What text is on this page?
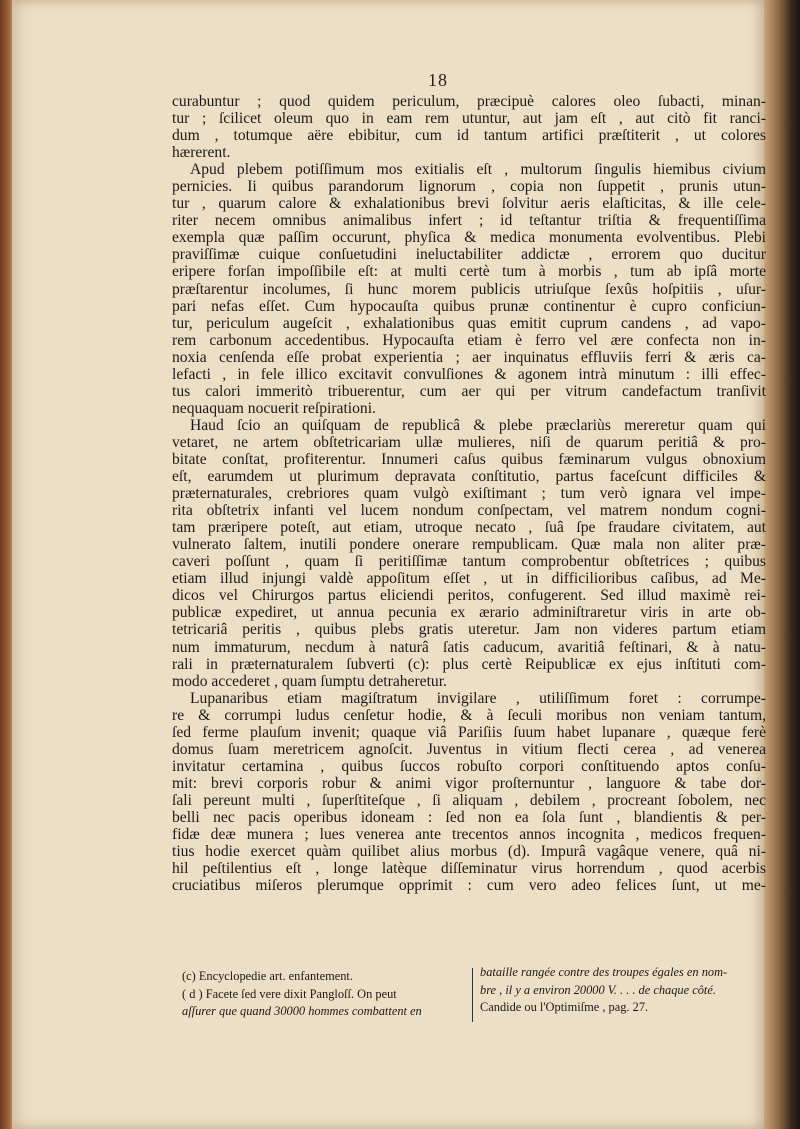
18
curabuntur ; quod quidem periculum, præcipuè calores oleo ſubacti, minan-
tur ; ſcilicet oleum quo in eam rem utuntur, aut jam eſt , aut citò fit ranci-
dum , totumque aëre ebibitur, cum id tantum artifici præſtiterit , ut colores
hærerent.
Apud plebem potiſſimum mos exitialis eſt , multorum ſingulis hiemibus civium
pernicies. Ii quibus parandorum lignorum , copia non ſuppetit , prunis utun-
tur , quarum calore & exhalationibus brevi ſolvitur aeris elaſticitas, & ille cele-
riter necem omnibus animalibus infert ; id teſtantur triſtia & frequentiſſima
exempla quæ paſſim occurunt, phyſica & medica monumenta evolventibus. Plebi
praviſſimæ cuique conſuetudini ineluctabiliter addictæ , errorem quo ducitur
eripere forſan impoſſibile eſt: at multi certè tum à morbis , tum ab ipſâ morte
præſtarentur incolumes, ſi hunc morem publicis utriuſque ſexûs hoſpitiis , uſur-
pari nefas eſſet. Cum hypocauſta quibus prunæ continentur è cupro conficiun-
tur, periculum augeſcit , exhalationibus quas emitit cuprum candens , ad vapo-
rem carbonum accedentibus. Hypocauſta etiam è ferro vel ære confecta non in-
noxia cenſenda eſſe probat experientia ; aer inquinatus effluviis ferri & æris ca-
lefacti , in fele illico excitavit convulſiones & agonem intrà minutum : illi effec-
tus calori immeritò tribuerentur, cum aer qui per vitrum candefactum tranſivit
nequaquam nocuerit reſpirationi.
Haud ſcio an quiſquam de republicâ & plebe præclariùs mereretur quam qui
vetaret, ne artem obſtetricariam ullæ mulieres, niſi de quarum peritiâ & pro-
bitate conſtat, profiterentur. Innumeri caſus quibus fæminarum vulgus obnoxium
eſt, earumdem ut plurimum depravata conſtitutio, partus faceſcunt difficiles &
præternaturales, crebriores quam vulgò exiſtimant ; tum verò ignara vel impe-
rita obſtetrix infanti vel lucem nondum conſpectam, vel matrem nondum cogni-
tam præripere poteſt, aut etiam, utroque necato , ſuâ ſpe fraudare civitatem, aut
vulnerato ſaltem, inutili pondere onerare rempublicam. Quæ mala non aliter præ-
caveri poſſunt , quam ſi peritiſſimæ tantum comprobentur obſtetrices ; quibus
etiam illud injungi valdè appoſitum eſſet , ut in difficilioribus caſibus, ad Me-
dicos vel Chirurgos partus eliciendi peritos, confugerent. Sed illud maximè rei-
publicæ expediret, ut annua pecunia ex ærario adminiſtraretur viris in arte ob-
tetricariâ peritis , quibus plebs gratis uteretur. Jam non videres partum etiam
num immaturum, necdum à naturâ ſatis caducum, avaritiâ feſtinari, & à natu-
rali in præternaturalem ſubverti (c): plus certè Reipublicæ ex ejus inſtituti com-
modo accederet , quam ſumptu detraheretur.
Lupanaribus etiam magiſtratum invigilare , utiliſſimum foret : corrumpe-
re & corrumpi ludus cenſetur hodie, & à ſeculi moribus non veniam tantum,
ſed ferme plauſum invenit; quaque viâ Pariſiis ſuum habet lupanare , quæque ferè
domus ſuam meretricem agnoſcit. Juventus in vitium flecti cerea , ad venerea
invitatur certamina , quibus ſuccos robuſto corpori conſtituendo aptos conſu-
mit: brevi corporis robur & animi vigor proſternuntur , languore & tabe dor-
ſali pereunt multi , ſuperſtiteſque , ſi aliquam , debilem , procreant ſobolem, nec
belli nec pacis operibus idoneam : ſed non ea ſola ſunt , blandientis & per-
fidæ deæ munera ; lues venerea ante trecentos annos incognita , medicos frequen-
tius hodie exercet quàm quilibet alius morbus (d). Impurâ vagâque venere, quâ ni-
hil peſtilentius eſt , longe latèque diſſeminatur virus horrendum , quod acerbis
cruciatibus miſeros plerumque opprimit : cum vero adeo felices ſunt, ut me-
(c) Encyclopedie art. enfantement.
( d ) Facete ſed vere dixit Pangloſſ. On peut
aſſurer que quand 30000 hommes combattent en
bataille rangée contre des troupes égales en nom-
bre , il y a environ 20000 V. . . . de chaque côté.
Candide ou l'Optimiſme , pag. 27.
